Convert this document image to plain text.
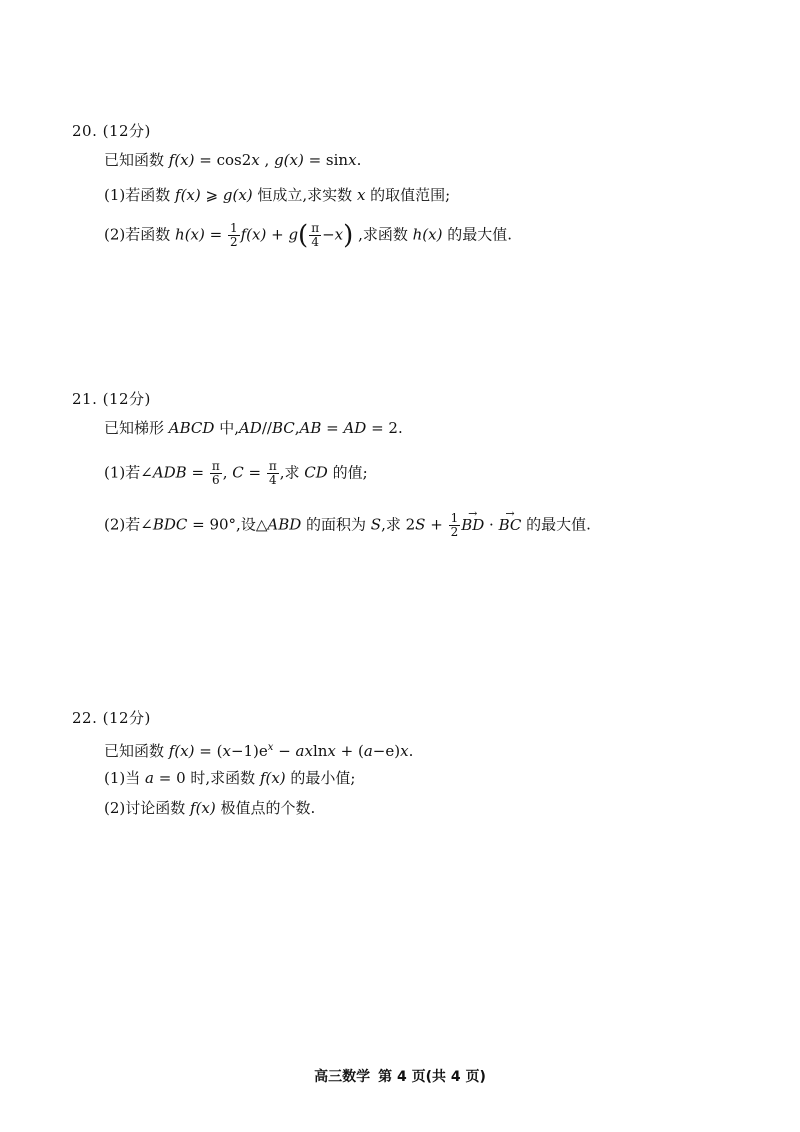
20. (12分)
已知函数 f(x) = cos2x , g(x) = sinx.
(1)若函数 f(x) ⩾ g(x) 恒成立,求实数 x 的取值范围;
(2)若函数 $h(x) = \frac{1}{2} f(x) + g( \frac{\pi}{4} -x)$ ,求函数 h(x) 的最大值.
21. (12分)
已知梯形 ABCD 中,AD//BC,AB = AD = 2.
(1)若∠ADB = $\frac{\pi}{6}$ , $C = \frac{\pi}{4}$ ,求 CD 的值;
(2)若∠BDC = 90°,设△ABD 的面积为 S,求 $2S + \frac{1}{2}$
→ BD · → BC 的最大值.
22. (12分)
已知函数 $f(x) = (x-1)e^x - axlnx + (a-e)x$.
(1)当 a = 0 时,求函数 f(x) 的最小值;
(2)讨论函数 f(x) 极值点的个数.
高三数学 第 4 页(共 4 页)
